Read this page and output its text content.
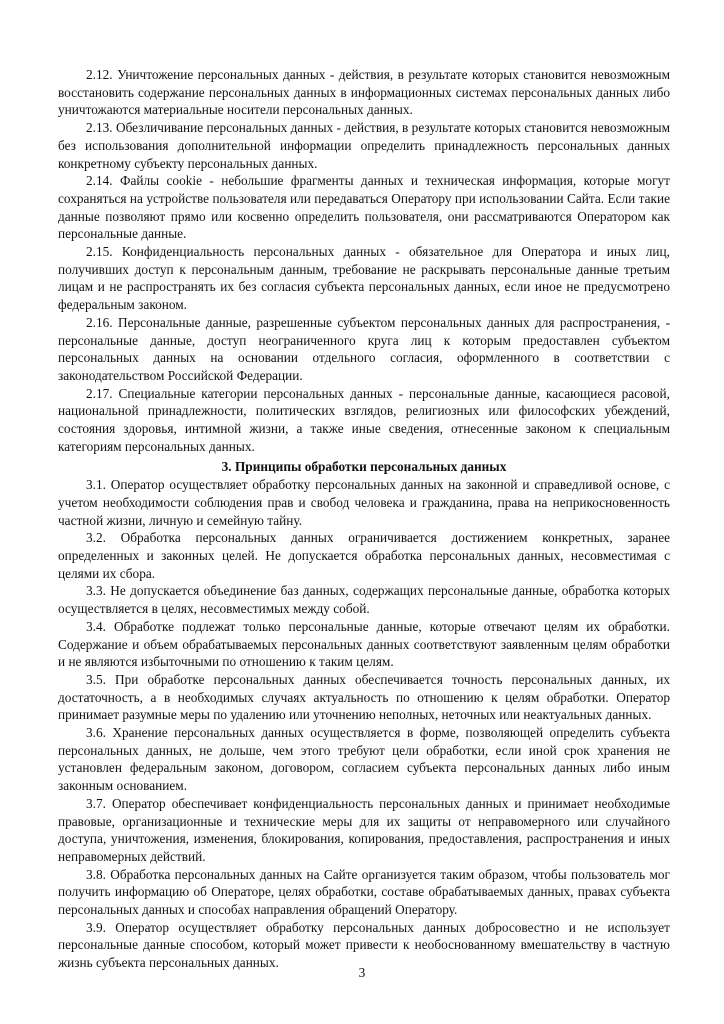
2.12. Уничтожение персональных данных - действия, в результате которых становится невозможным восстановить содержание персональных данных в информационных системах персональных данных либо уничтожаются материальные носители персональных данных.

2.13. Обезличивание персональных данных - действия, в результате которых становится невозможным без использования дополнительной информации определить принадлежность персональных данных конкретному субъекту персональных данных.

2.14. Файлы cookie - небольшие фрагменты данных и техническая информация, которые могут сохраняться на устройстве пользователя или передаваться Оператору при использовании Сайта. Если такие данные позволяют прямо или косвенно определить пользователя, они рассматриваются Оператором как персональные данные.

2.15. Конфиденциальность персональных данных - обязательное для Оператора и иных лиц, получивших доступ к персональным данным, требование не раскрывать персональные данные третьим лицам и не распространять их без согласия субъекта персональных данных, если иное не предусмотрено федеральным законом.

2.16. Персональные данные, разрешенные субъектом персональных данных для распространения, - персональные данные, доступ неограниченного круга лиц к которым предоставлен субъектом персональных данных на основании отдельного согласия, оформленного в соответствии с законодательством Российской Федерации.

2.17. Специальные категории персональных данных - персональные данные, касающиеся расовой, национальной принадлежности, политических взглядов, религиозных или философских убеждений, состояния здоровья, интимной жизни, а также иные сведения, отнесенные законом к специальным категориям персональных данных.

3. Принципы обработки персональных данных

3.1. Оператор осуществляет обработку персональных данных на законной и справедливой основе, с учетом необходимости соблюдения прав и свобод человека и гражданина, права на неприкосновенность частной жизни, личную и семейную тайну.

3.2. Обработка персональных данных ограничивается достижением конкретных, заранее определенных и законных целей. Не допускается обработка персональных данных, несовместимая с целями их сбора.

3.3. Не допускается объединение баз данных, содержащих персональные данные, обработка которых осуществляется в целях, несовместимых между собой.

3.4. Обработке подлежат только персональные данные, которые отвечают целям их обработки. Содержание и объем обрабатываемых персональных данных соответствуют заявленным целям обработки и не являются избыточными по отношению к таким целям.

3.5. При обработке персональных данных обеспечивается точность персональных данных, их достаточность, а в необходимых случаях актуальность по отношению к целям обработки. Оператор принимает разумные меры по удалению или уточнению неполных, неточных или неактуальных данных.

3.6. Хранение персональных данных осуществляется в форме, позволяющей определить субъекта персональных данных, не дольше, чем этого требуют цели обработки, если иной срок хранения не установлен федеральным законом, договором, согласием субъекта персональных данных либо иным законным основанием.

3.7. Оператор обеспечивает конфиденциальность персональных данных и принимает необходимые правовые, организационные и технические меры для их защиты от неправомерного или случайного доступа, уничтожения, изменения, блокирования, копирования, предоставления, распространения и иных неправомерных действий.

3.8. Обработка персональных данных на Сайте организуется таким образом, чтобы пользователь мог получить информацию об Операторе, целях обработки, составе обрабатываемых данных, правах субъекта персональных данных и способах направления обращений Оператору.

3.9. Оператор осуществляет обработку персональных данных добросовестно и не использует персональные данные способом, который может привести к необоснованному вмешательству в частную жизнь субъекта персональных данных.

3
